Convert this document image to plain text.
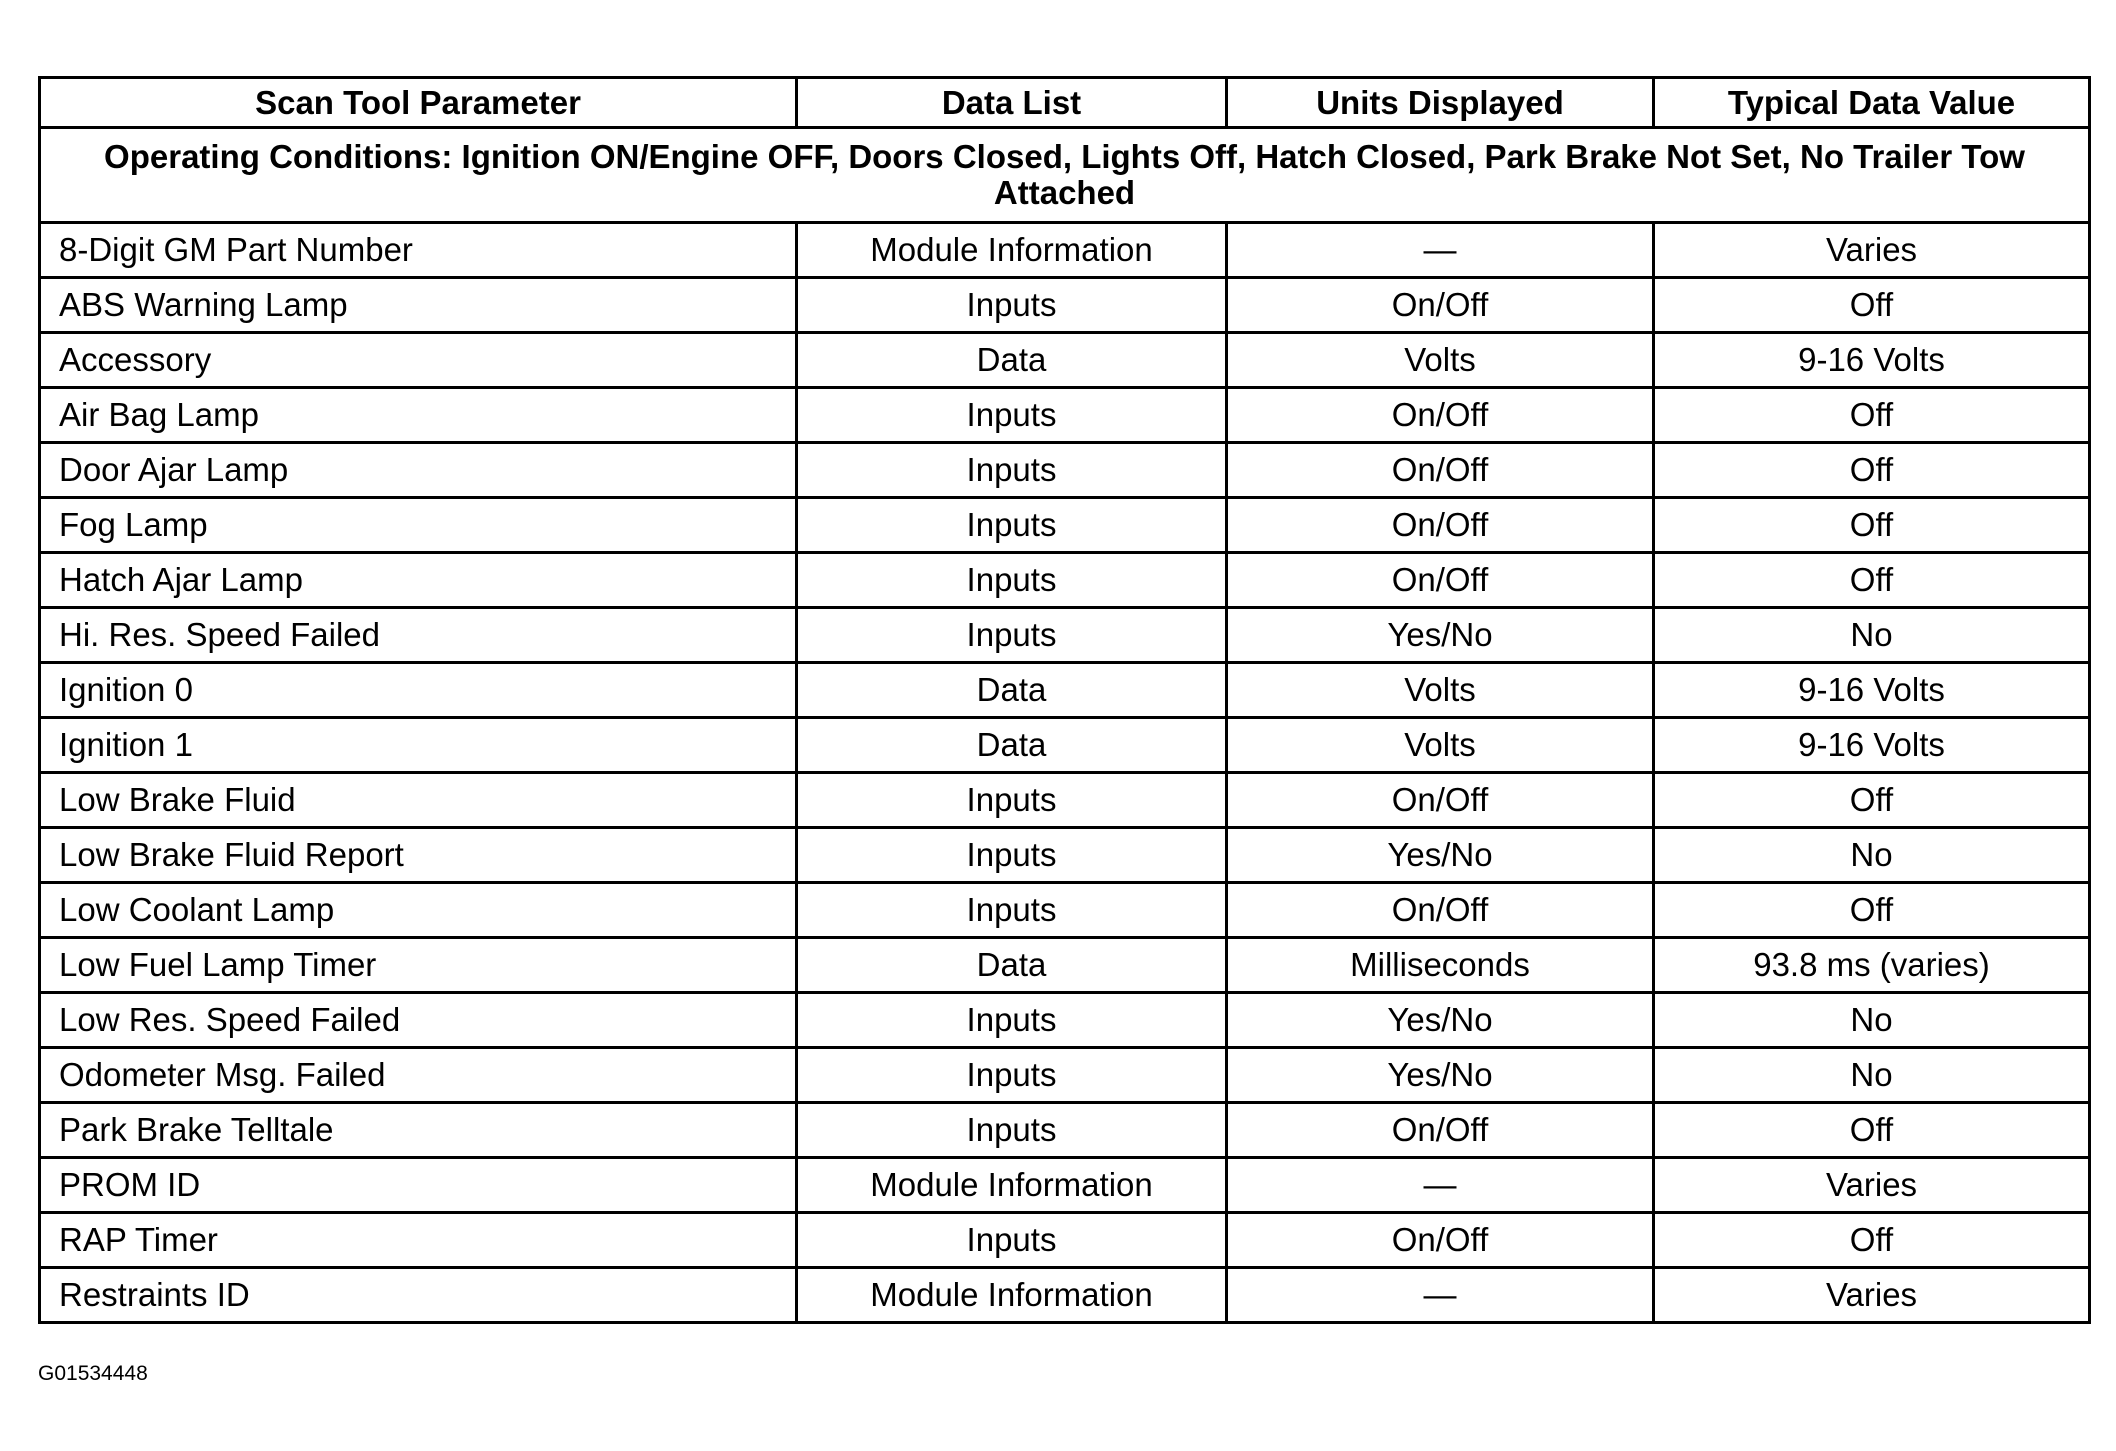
Scan Tool Parameter	Data List	Units Displayed	Typical Data Value
Operating Conditions: Ignition ON/Engine OFF, Doors Closed, Lights Off, Hatch Closed, Park Brake Not Set, No Trailer Tow Attached			
8-Digit GM Part Number	Module Information	—	Varies
ABS Warning Lamp	Inputs	On/Off	Off
Accessory	Data	Volts	9-16 Volts
Air Bag Lamp	Inputs	On/Off	Off
Door Ajar Lamp	Inputs	On/Off	Off
Fog Lamp	Inputs	On/Off	Off
Hatch Ajar Lamp	Inputs	On/Off	Off
Hi. Res. Speed Failed	Inputs	Yes/No	No
Ignition 0	Data	Volts	9-16 Volts
Ignition 1	Data	Volts	9-16 Volts
Low Brake Fluid	Inputs	On/Off	Off
Low Brake Fluid Report	Inputs	Yes/No	No
Low Coolant Lamp	Inputs	On/Off	Off
Low Fuel Lamp Timer	Data	Milliseconds	93.8 ms (varies)
Low Res. Speed Failed	Inputs	Yes/No	No
Odometer Msg. Failed	Inputs	Yes/No	No
Park Brake Telltale	Inputs	On/Off	Off
PROM ID	Module Information	—	Varies
RAP Timer	Inputs	On/Off	Off
Restraints ID	Module Information	—	Varies
G01534448
